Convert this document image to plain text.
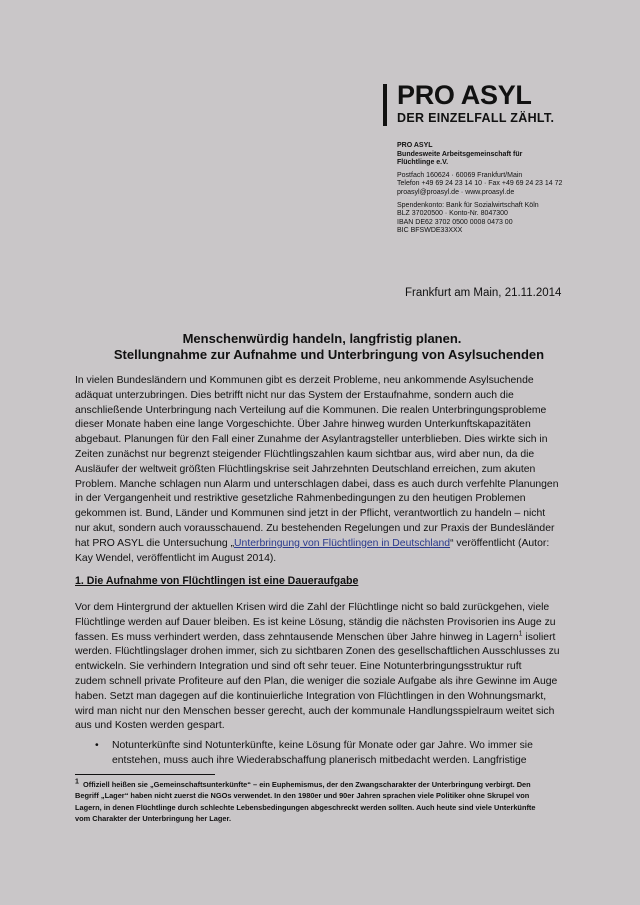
PRO ASYL
DER EINZELFALL ZÄHLT.
PRO ASYL
Bundesweite Arbeitsgemeinschaft für
Flüchtlinge e.V.
Postfach 160624 · 60069 Frankfurt/Main
Telefon +49 69 24 23 14 10 · Fax +49 69 24 23 14 72
proasyl@proasyl.de · www.proasyl.de
Spendenkonto: Bank für Sozialwirtschaft Köln
BLZ 37020500 · Konto-Nr. 8047300
IBAN DE62 3702 0500 0008 0473 00
BIC BFSWDE33XXX
Frankfurt am Main, 21.11.2014
Menschenwürdig handeln, langfristig planen.
Stellungnahme zur Aufnahme und Unterbringung von Asylsuchenden
In vielen Bundesländern und Kommunen gibt es derzeit Probleme, neu ankommende Asylsuchende
adäquat unterzubringen. Dies betrifft nicht nur das System der Erstaufnahme, sondern auch die
anschließende Unterbringung nach Verteilung auf die Kommunen. Die realen Unterbringungsprobleme
dieser Monate haben eine lange Vorgeschichte. Über Jahre hinweg wurden Unterkunftskapazitäten
abgebaut. Planungen für den Fall einer Zunahme der Asylantragsteller unterblieben. Dies wirkte sich in
Zeiten zunächst nur begrenzt steigender Flüchtlingszahlen kaum sichtbar aus, wird aber nun, da die
Ausläufer der weltweit größten Flüchtlingskrise seit Jahrzehnten Deutschland erreichen, zum akuten
Problem. Manche schlagen nun Alarm und unterschlagen dabei, dass es auch durch verfehlte Planungen
in der Vergangenheit und restriktive gesetzliche Rahmenbedingungen zu den heutigen Problemen
gekommen ist. Bund, Länder und Kommunen sind jetzt in der Pflicht, verantwortlich zu handeln – nicht
nur akut, sondern auch vorausschauend. Zu bestehenden Regelungen und zur Praxis der Bundesländer
hat PRO ASYL die Untersuchung „Unterbringung von Flüchtlingen in Deutschland“ veröffentlicht (Autor:
Kay Wendel, veröffentlicht im August 2014).
1. Die Aufnahme von Flüchtlingen ist eine Daueraufgabe
Vor dem Hintergrund der aktuellen Krisen wird die Zahl der Flüchtlinge nicht so bald zurückgehen, viele
Flüchtlinge werden auf Dauer bleiben. Es ist keine Lösung, ständig die nächsten Provisorien ins Auge zu
fassen. Es muss verhindert werden, dass zehntausende Menschen über Jahre hinweg in Lagern$^1$ isoliert
werden. Flüchtlingslager drohen immer, sich zu sichtbaren Zonen des gesellschaftlichen Ausschlusses zu
entwickeln. Sie verhindern Integration und sind oft sehr teuer. Eine Notunterbringungsstruktur ruft
zudem schnell private Profiteure auf den Plan, die weniger die soziale Aufgabe als ihre Gewinne im Auge
haben. Setzt man dagegen auf die kontinuierliche Integration von Flüchtlingen in den Wohnungsmarkt,
wird man nicht nur den Menschen besser gerecht, auch der kommunale Handlungsspielraum weitet sich
aus und Kosten werden gespart.
• Notunterkünfte sind Notunterkünfte, keine Lösung für Monate oder gar Jahre. Wo immer sie
entstehen, muss auch ihre Wiederabschaffung planerisch mitbedacht werden. Langfristige
$^1$ Offiziell heißen sie „Gemeinschaftsunterkünfte“ – ein Euphemismus, der den Zwangscharakter der Unterbringung verbirgt. Den
Begriff „Lager“ haben nicht zuerst die NGOs verwendet. In den 1980er und 90er Jahren sprachen viele Politiker ohne Skrupel von
Lagern, in denen Flüchtlinge durch schlechte Lebensbedingungen abgeschreckt werden sollten. Auch heute sind viele Unterkünfte
vom Charakter der Unterbringung her Lager.
